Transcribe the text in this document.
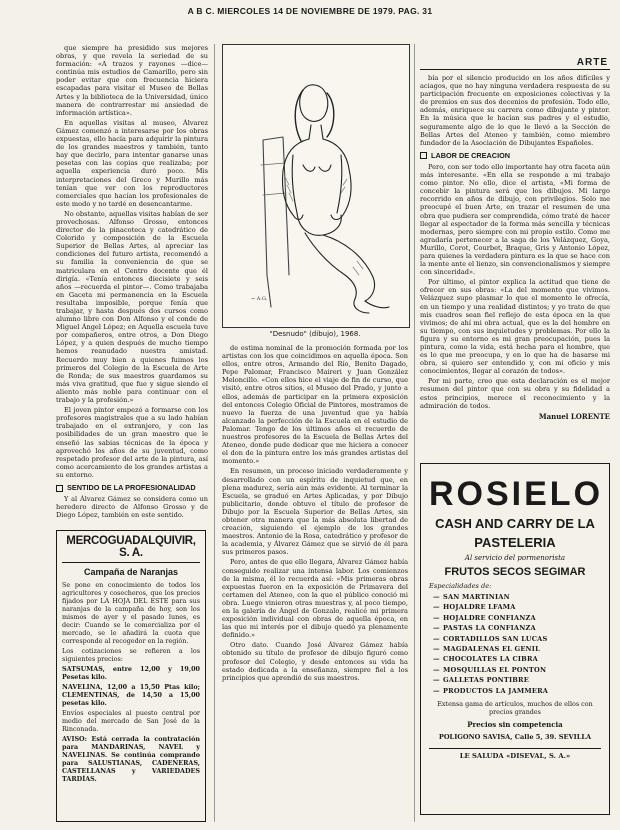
A B C. MIERCOLES 14 DE NOVIEMBRE DE 1979. PAG. 31
ARTE

que siempre ha presidido sus mejores obras, y que revela la seriedad de su formación: «A trazos y rayones —dice— continúa mis estudios de Camarillo, pero sin poder evitar que con frecuencia hiciera escapadas para visitar el Museo de Bellas Artes y la biblioteca de la Universidad, único manera de contrarrestar mi ansiedad de información artística».

En aquellas visitas al museo, Álvarez Gámez comenzó a interesarse por los obras expuestas, ello hacía para adquirir la pintura de los grandes maestros y también, tanto hay que decirlo, para intentar ganarse unas pesetas con las copias que realizaba; por aquella experiencia duró poco. Mis interpretaciones del Greco y Murillo más tenían que ver con los reproductores comerciales que hacían los profesionales de este modo y no tardé en desencantarme.

No obstante, aquellas visitas habían de ser provechosas. Alfonso Grosso, entonces director de la pinacoteca y catedrático de Colorido y composición de la Escuela Superior de Bellas Artes, al apreciar las condiciones del futuro artista, recomendó a su familia la conveniencia de que se matriculara en el Centro docente que él dirigía. «Tenía entonces diecisiete y seis años —recuerda el pintor—. Como trabajaba en Gaceta mi permanencia en la Escuela resultaba imposible, porque fenía que trabajar, y hasta después dos cursos como alumno libre con Don Alfonso y el conde de Miguel Ángel López; en Aquella escuela tuve por compañeros, entre otros, a Don Diego López, y a quien después de mucho tiempo hemos reanudado nuestra amistad. Recuerdo muy bien a quienes fuimos los primeros del Colegio de la Escuela de Arte de Ronda; de sus maestros guardamos su más viva gratitud, que fue y sigue siendo el aliento más noble para continuar con el trabajo y la profesión.»

El joven pintor empezó a formarse con los profesores magistrales que a su lado habían trabajado en el extranjero, y con las posibilidades de un gran maestro que le enseñó las sabias técnicas de la época y aprovechó los años de su juventud, como respetado profesor del arte de la pintura, así como acercamiento de los grandes artistas a su entorno.

SENTIDO DE LA PROFESIONALIDAD

Y al Álvarez Gámez se considera como un heredero directo de Alfonso Grosso y de Diego López, también en este sentido.

MERCOGUADALQUIVIR, S. A.
Campaña de Naranjas

Se pone en conocimiento de todos los agricultores y cosecheros, que los precios fijados por LA HOJA DEL ESTE para sus naranjas de la campaña de hoy, son los mismos de ayer y el pasado lunes, es decir: Cuando se le comercializa por el mercado, se le añadirá la cuota que corresponde al recogedor en la región.

Los cotizaciones se refieren a los siguientes precios:

SATSUMAS, entre 12,00 y 19,00 Pesetas kilo.

NAVELINA, 12,00 a 15,50 Ptas kilo; CLEMENTINAS, de 14,50 a 15,00 pesetas kilo.

Envíos especiales al puesto central por medio del mercado de San José de la Rinconada.

AVISO: Está cerrada la contratación para MANDARINAS, NAVEL y NAVELINAS. Se continúa comprando para SALUSTIANAS, CADENERAS, CASTELLANAS y VARIEDADES TARDÍAS.

~ A.G.
"Desnudo" (dibujo), 1968.

de estima nominal de la promoción formada por los artistas con los que coincidimos en aquella época. Son ellos, entre otros, Armando del Río, Benito Dagado, Pepe Palomar, Francisco Maireri y Juan González Meloncillo. «Con ellos hice el viaje de fin de curso, que visitó, entre otros sitios, el Museo del Prado, y junto a ellos, además de participar en la primera exposición del entonces Colegio Oficial de Pintores, mostramos de nuevo la fuerza de una juventud que ya había alcanzado la perfección de la Escuela en el estudio de Palomar. Tengo de los últimos años el recuerdo de nuestros profesores de la Escuela de Bellas Artes del Ateneo, donde pude dedicar que me hiciera a conocer el don de la pintura entre los más grandes artistas del momento.»

En resumen, un proceso iniciado verdaderamente y desarrollado con un espíritu de inquietud que, en plena madurez, sería aún más evidente. Al terminar la Escuela, se graduó en Artes Aplicadas, y por Dibujo publicitario, donde obtuvo el título de profesor de Dibujo por la Escuela Superior de Bellas Artes, sin obtener otra manera que la más absoluta libertad de creación, siguiendo el ejemplo de los grandes maestros. Antonio de la Rosa, catedrático y profesor de la academia, y Álvarez Gámez que se sirvió de él para sus primeros pasos.

Pero, antes de que ello llegara, Álvarez Gámez había conseguido realizar una intensa labor. Los comienzos de la misma, él lo recuerda así: «Mis primeras obras expuestas fueron en la exposición de Primavera del certamen del Ateneo, con la que el público conoció mi obra. Luego vinieron otras muestras y, al poco tiempo, en la galería de Ángel de Gonzalo, realicé mi primera exposición individual con obras de aquella época, en las que mi interés por el dibujo quedó ya plenamente definido.»

Otro dato. Cuando José Álvarez Gámez había obtenido su título de profesor de dibujo figuró como profesor del Colegio, y desde entonces su vida ha estado dedicada a la enseñanza, siempre fiel a los principios que aprendió de sus maestros.

bía por el silencio producido en los años difíciles y aciagos, que no hay ninguna verdadera respuesta de su participación frecuente en exposiciones colectivas y la de premios en sus dos decenios de profesión. Todo ello, además, enriquece su carrera como dibujante y pintor. En la música que le hacían sus padres y el estudio, seguramente algo de lo que le llevó a la Sección de Bellas Artes del Ateneo y también, como miembro fundador de la Asociación de Dibujantes Españoles.

LABOR DE CREACION

Pero, con ser todo ello importante hay otra faceta aún más interesante. «En ella se responde a mi trabajo como pintor. No ello, dice el artista, «Mi forma de concebir la pintura será que los dibujos. Mi largo recorrido en años de dibujo, con privilegios. Solo me preocupé el buen Arte, en trazar el resumen de una obra que pudiera ser comprendida, cómo traté de hacer llegar al espectador de la forma más sencilla y técnicas modernas, pero siempre con mi propio estilo. Como me agradaría pertenecer a la saga de los Velázquez, Goya, Murillo, Corot, Courbet, Braque, Gris y Antonio López, para quienes la verdadera pintura es la que se hace con la mente ante el lienzo, sin convencionalismos y siempre con sinceridad».

Por último, el pintor explica la actitud que tiene de ofrecer en sus obras: «La del momento que vivimos. Velázquez supo plasmar lo que el momento le ofrecía, en un tiempo y una realidad distintos; y yo trato de que mis cuadros sean fiel reflejo de esta época en la que vivimos; de ahí mi obra actual, que es la del hombre en su tiempo, con sus inquietudes y problemas. Por ello la figura y su entorno es mi gran preocupación, pues la pintura, como la vida, está hecha para el hombre, que es lo que me preocupa, y en lo que ha de basarse mi obra, si quiero ser entendido y, con mi oficio y mis conocimientos, llegar al corazón de todos».

Por mi parte, creo que esta declaración es el mejor resumen del pintor que con su obra y su fidelidad a estos principios, merece el reconocimiento y la admiración de todos.

Manuel LORENTE
ROSIELO
CASH AND CARRY DE LA
PASTELERIA
Al servicio del pormenorista
FRUTOS SECOS SEGIMAR
Especialidades de:
— SAN MARTINIAN
— HOJALDRE LFAMA
— HOJALDRE CONFIANZA
— PASTAS LA CONFIANZA
— CORTADILLOS SAN LUCAS
— MAGDALENAS EL GENIL
— CHOCOLATES LA CIBRA
— MOSQUILLAS EL PONTON
— GALLETAS PONTIBRE
— PRODUCTOS LA JAMMERA
Extensa gama de artículos, muchos de ellos con precios grandes
Precios sin competencia
POLIGONO SAVISA, Calle 5, 39. SEVILLA
LE SALUDA «DISEVAL, S. A.»
